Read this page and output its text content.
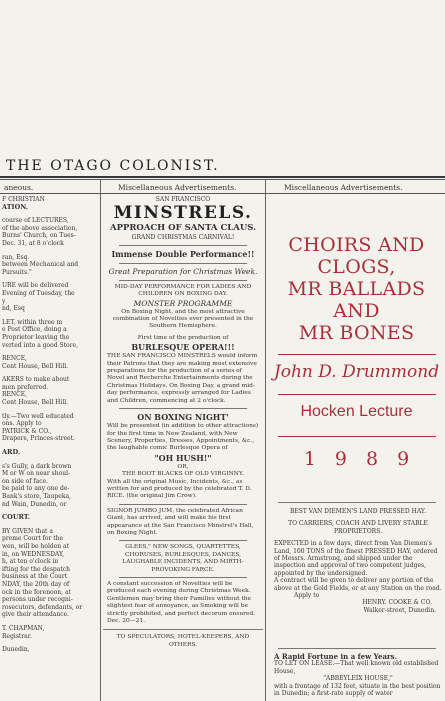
THE OTAGO COLONIST.
aneous.	Miscellaneous Advertisements.	Miscellaneous Advertisements.

F CHRISTIAN

ATION.

course of LECTURES,

of the above association,

Burns' Church, on Tues-

Dec. 31, at 8 o'clock

ran, Esq.

between Mechanical and

Pursuits."

URE will be delivered

Evening of Tuesday, the

y

nd, Esq

LET, within three m

e Post Office, doing a

Proprietor leaving the

verted into a good Store,

RENCE,

Cent House, Bell Hill.

AKERS to make about

men preferred.

RENCE,

Cent House, Bell Hill.

tly.—Two well educated

ons. Apply to

PATRICK & CO.,

Drapers, Princes-street.

ARD.

s's Gully, a dark brown

M or W on near shoul-

on side of face.

be paid to any one de-

Bank's store, Taupeka,

nd Wain, Dunedin, or

COURT.

BY GIVEN that a

preme Court for the

wen, will be holden at

in, on WEDNESDAY,

h, at ten o'clock in

ifting for the despatch

business at the Court

NDAY, the 20th day of

ock in the forenoon, at

persons under recogni-

rosecutors, defendants, or

give their attendance.

T. CHAPMAN,

Registrar.

Dunedin,

SAN FRANCISCO

MINSTRELS.

APPROACH OF SANTA CLAUS.

GRAND CHRISTMAS CARNIVAL!

Immense Double Performance!!

Great Preparation for Christmas Week.

MID-DAY PERFORMANCE FOR LADIES AND CHILDREN ON BOXING DAY.

MONSTER PROGRAMME

On Boxing Night, and the most attractive combination of Novelties ever presented in the Southern Hemisphere.

First time of the production of

BURLESQUE OPERA!!!

THE SAN FRANCISCO MINSTRELS would inform their Patrons that they are making most extensive preparations for the production of a series of Novel and Recherche Entertainments during the Christmas Holidays. On Boxing Day, a grand mid-day performance, expressly arranged for Ladies and Children, commencing at 2 o'clock.

ON BOXING NIGHT'

Will be presented (in addition to other attractions) for the first time in New Zealand, with New Scenery, Properties, Dresses, Appointments, &c., the laughable comic Burlesque Opera of

"OH HUSH!"

OR,

THE BOOT BLACKS OF OLD VIRGINNY.

With all the original Music, Incidents, &c., as written for and produced by the celebrated T. D. RICE. (the original Jim Crow).

SIGNOR JUMBO JUM, the celebrated African Giant, has arrived, and will make his first appearance at the San Francisco Minstrel's Hall, on Boxing Night.

GLEES," NEW SONGS, QUARTETTES, CHORUSES, BURLESQUES, DANCES, LAUGHABLE INCIDENTS, AND MIRTH-PROVOKING FARCE.

A constant succession of Novelties will be produced each evening during Christmas Week.

Gentlemen may bring their Families without the slightest fear of annoyance, as Smoking will be strictly prohibited, and perfect decorum ensured.

Dec. 20—21.

TO SPECULATORS, HOTEL-KEEPERS, AND OTHERS.

CHOIRS AND
CLOGS,
MR BALLADS
AND
MR BONES
John D. Drummond
Hocken Lecture
1989

BEST VAN DIEMEN'S LAND PRESSED HAY.

TO CARRIERS, COACH AND LIVERY STABLE PROPRIETORS.

EXPECTED in a few days, direct from Van Diemen's Land, 100 TONS of the finest PRESSED HAY, ordered of Messrs. Armstrong, and shipped under the inspection and approval of two competent judges, appointed by the undersigned.

A contract will be given to deliver any portion of the above at the Gold Fields, or at any Station on the road.

Apply to

HENRY. COOKE & CO.

Walker-street, Dunedin.

A Rapid Fortune in a few Years.

TO LET ON LEASE.—That well known old established House,

"ABBEYLEIX HOUSE,"

with a frontage of 132 feet, situate in the best position in Dunedin; a first-rate supply of water
